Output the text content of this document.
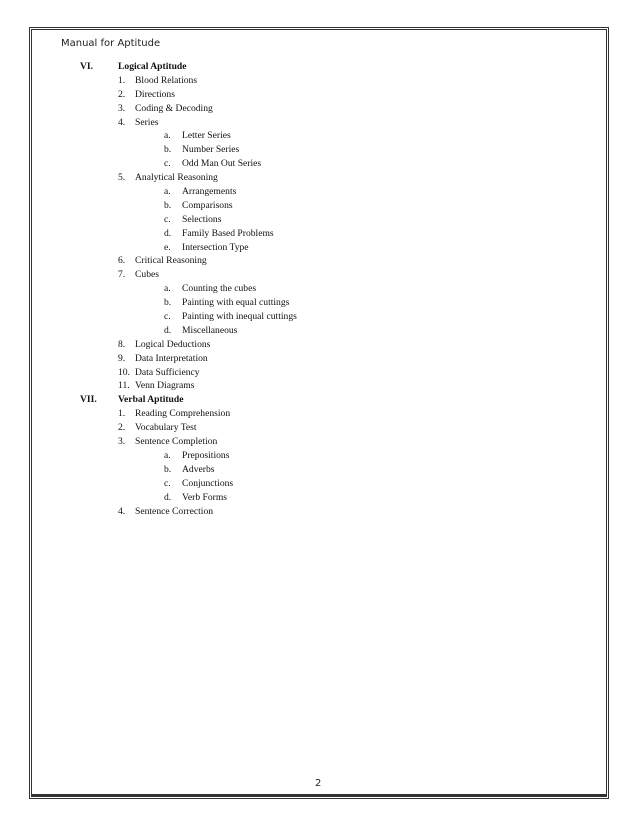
Manual for Aptitude
VI.	Logical Aptitude
1. Blood Relations
2. Directions
3. Coding & Decoding
4. Series
a. Letter Series
b. Number Series
c. Odd Man Out Series
5. Analytical Reasoning
a. Arrangements
b. Comparisons
c. Selections
d. Family Based Problems
e. Intersection Type
6. Critical Reasoning
7. Cubes
a. Counting the cubes
b. Painting with equal cuttings
c. Painting with inequal cuttings
d. Miscellaneous
8. Logical Deductions
9. Data Interpretation
10. Data Sufficiency
11. Venn Diagrams
VII. Verbal Aptitude
1. Reading Comprehension
2. Vocabulary Test
3. Sentence Completion
a. Prepositions
b. Adverbs
c. Conjunctions
d. Verb Forms
4. Sentence Correction
2
